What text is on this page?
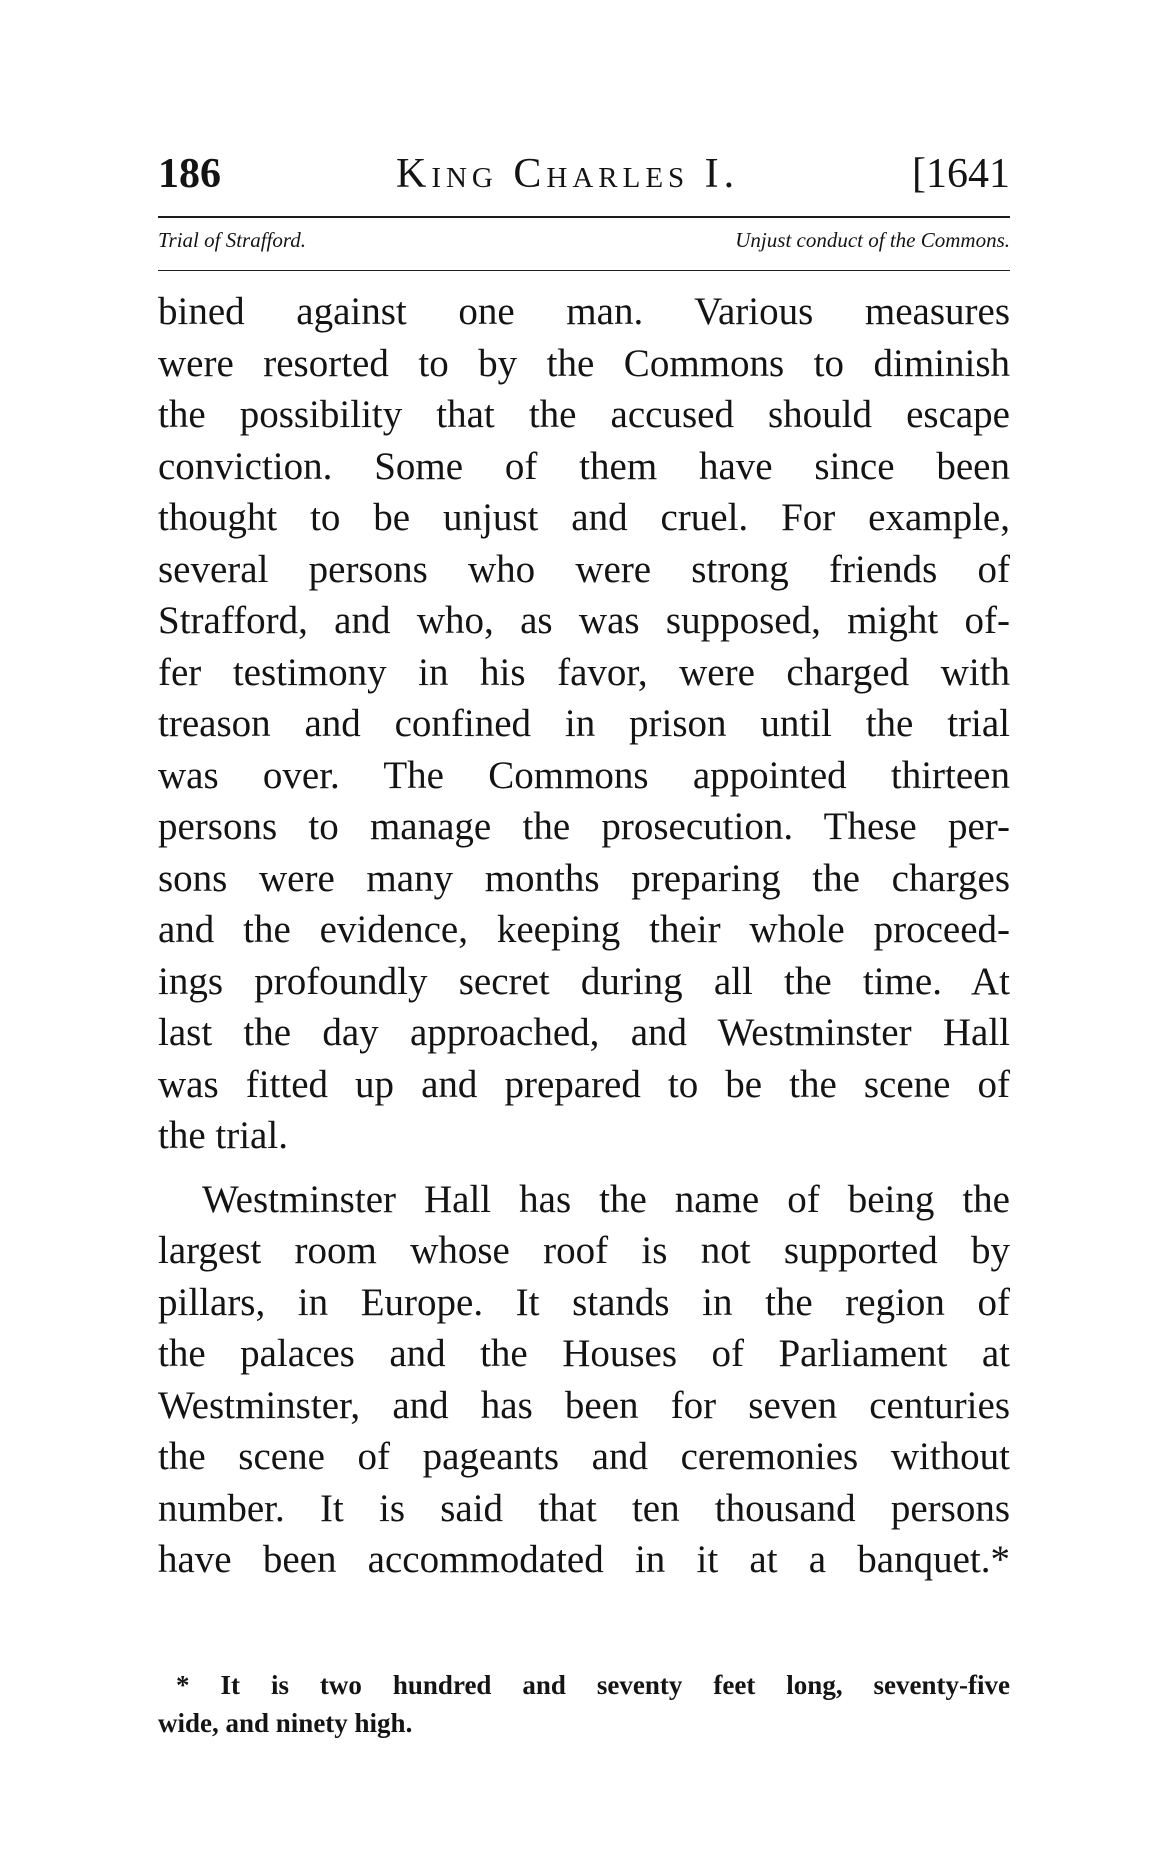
186	King Charles I.	[1641
Trial of Strafford.	Unjust conduct of the Commons.
bined against one man. Various measures
were resorted to by the Commons to diminish
the possibility that the accused should escape
conviction. Some of them have since been
thought to be unjust and cruel. For example,
several persons who were strong friends of
Strafford, and who, as was supposed, might of-
fer testimony in his favor, were charged with
treason and confined in prison until the trial
was over. The Commons appointed thirteen
persons to manage the prosecution. These per-
sons were many months preparing the charges
and the evidence, keeping their whole proceed-
ings profoundly secret during all the time. At
last the day approached, and Westminster Hall
was fitted up and prepared to be the scene of
the trial.
Westminster Hall has the name of being the
largest room whose roof is not supported by
pillars, in Europe. It stands in the region of
the palaces and the Houses of Parliament at
Westminster, and has been for seven centuries
the scene of pageants and ceremonies without
number. It is said that ten thousand persons
have been accommodated in it at a banquet.*
* It is two hundred and seventy feet long, seventy-five
wide, and ninety high.
